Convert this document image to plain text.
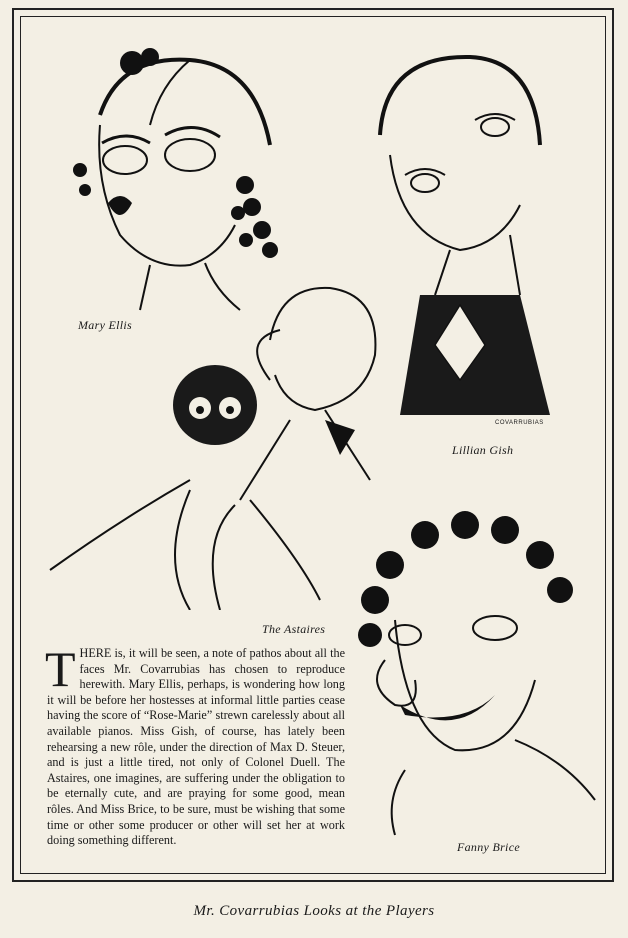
Mary Ellis
COVARRUBIAS
Lillian Gish
The Astaires
Fanny Brice

THERE is, it will be seen, a note of pathos about all the faces Mr. Covarrubias has chosen to reproduce herewith. Mary Ellis, perhaps, is wondering how long it will be before her hostesses at informal little parties cease having the score of “Rose-Marie” strewn carelessly about all available pianos. Miss Gish, of course, has lately been rehearsing a new rôle, under the direction of Max D. Steuer, and is just a little tired, not only of Colonel Duell. The Astaires, one imagines, are suffering under the obligation to be eternally cute, and are praying for some good, mean rôles. And Miss Brice, to be sure, must be wishing that some time or other some producer or other will set her at work doing something different.

Mr. Covarrubias Looks at the Players
